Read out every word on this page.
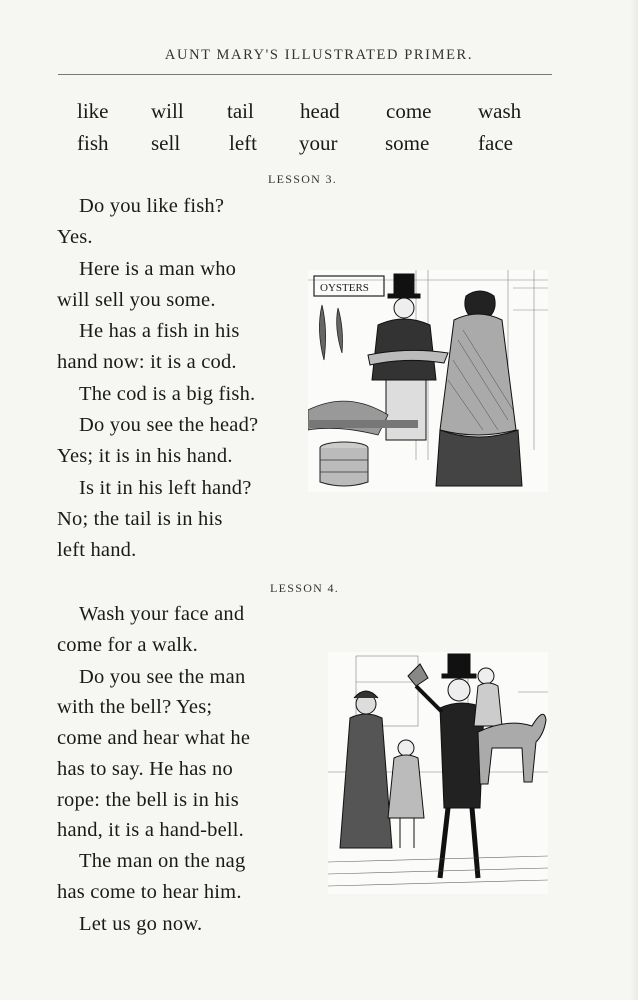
AUNT MARY'S ILLUSTRATED PRIMER.
like will tail head come wash
fish sell left your some face
LESSON 3.
Do you like fish?
Yes.
Here is a man who
will sell you some.
He has a fish in his
hand now: it is a cod.
The cod is a big fish.
Do you see the head?
Yes; it is in his hand.
Is it in his left hand?
No; the tail is in his
left hand.
OYSTERS
LESSON 4.
Wash your face and
come for a walk.
Do you see the man
with the bell? Yes;
come and hear what he
has to say. He has no
rope: the bell is in his
hand, it is a hand-bell.
The man on the nag
has come to hear him.
Let us go now.
